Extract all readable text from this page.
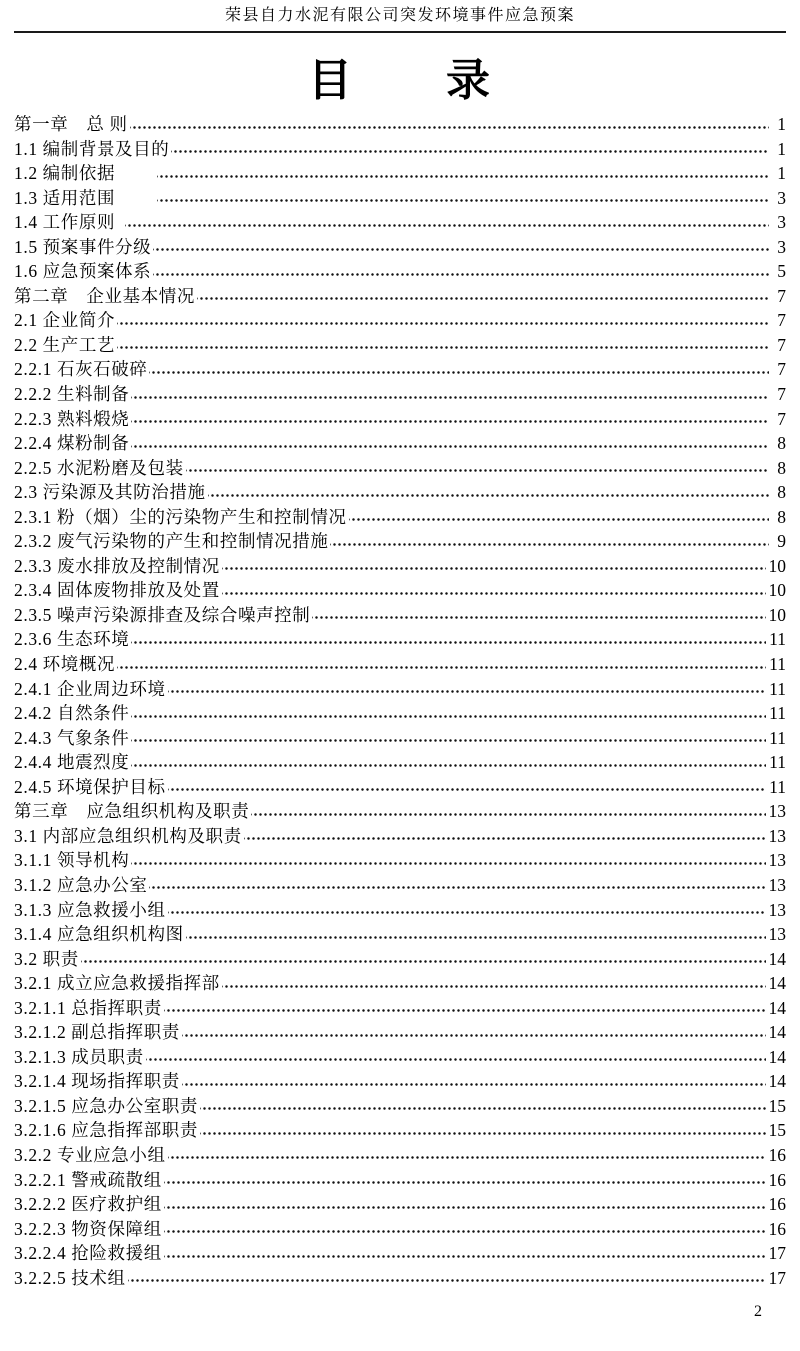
荣县自力水泥有限公司突发环境事件应急预案
目　　录
第一章　总 则	1
1.1 编制背景及目的	1
1.2 编制依据	1
1.3 适用范围	3
1.4 工作原则	3
1.5 预案事件分级	3
1.6 应急预案体系	5
第二章　企业基本情况	7
2.1 企业简介	7
2.2 生产工艺	7
2.2.1 石灰石破碎	7
2.2.2 生料制备	7
2.2.3 熟料煅烧	7
2.2.4 煤粉制备	8
2.2.5 水泥粉磨及包装	8
2.3 污染源及其防治措施	8
2.3.1 粉（烟）尘的污染物产生和控制情况	8
2.3.2 废气污染物的产生和控制情况措施	9
2.3.3 废水排放及控制情况	10
2.3.4 固体废物排放及处置	10
2.3.5 噪声污染源排查及综合噪声控制	10
2.3.6 生态环境	11
2.4 环境概况	11
2.4.1 企业周边环境	11
2.4.2 自然条件	11
2.4.3 气象条件	11
2.4.4 地震烈度	11
2.4.5 环境保护目标	11
第三章　应急组织机构及职责	13
3.1 内部应急组织机构及职责	13
3.1.1 领导机构	13
3.1.2 应急办公室	13
3.1.3 应急救援小组	13
3.1.4 应急组织机构图	13
3.2 职责	14
3.2.1 成立应急救援指挥部	14
3.2.1.1 总指挥职责	14
3.2.1.2 副总指挥职责	14
3.2.1.3 成员职责	14
3.2.1.4 现场指挥职责	14
3.2.1.5 应急办公室职责	15
3.2.1.6 应急指挥部职责	15
3.2.2 专业应急小组	16
3.2.2.1 警戒疏散组	16
3.2.2.2 医疗救护组	16
3.2.2.3 物资保障组	16
3.2.2.4 抢险救援组	17
3.2.2.5 技术组	17
2
